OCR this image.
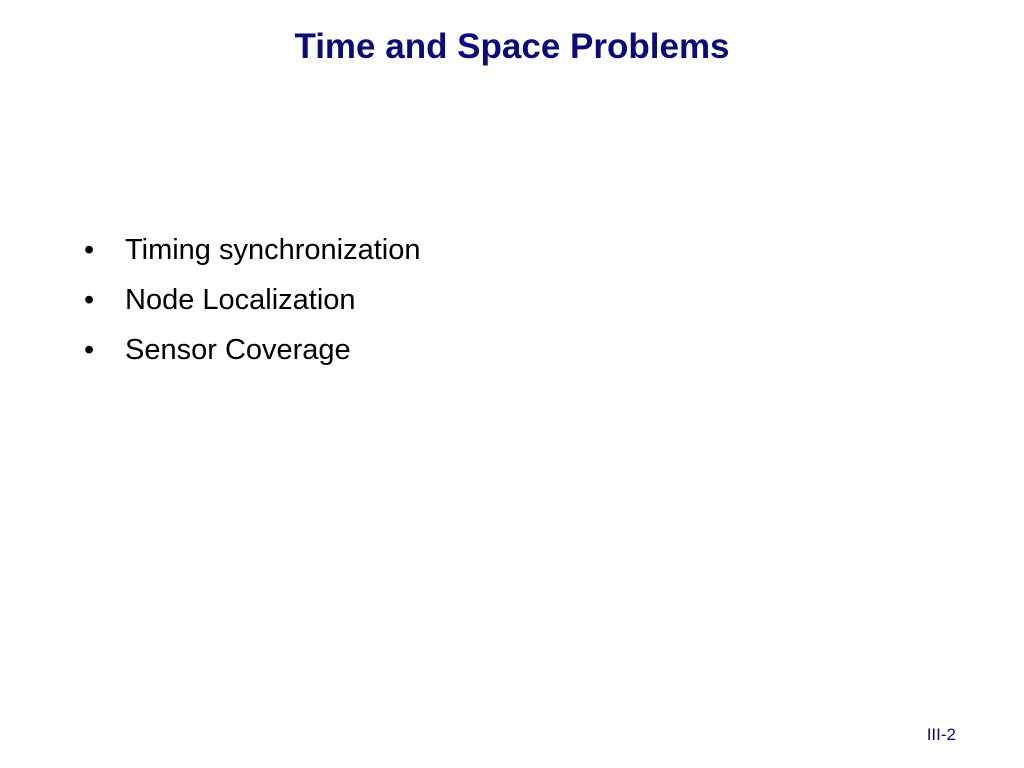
Time and Space Problems
•	Timing synchronization
•	Node Localization
•	Sensor Coverage
III-2
